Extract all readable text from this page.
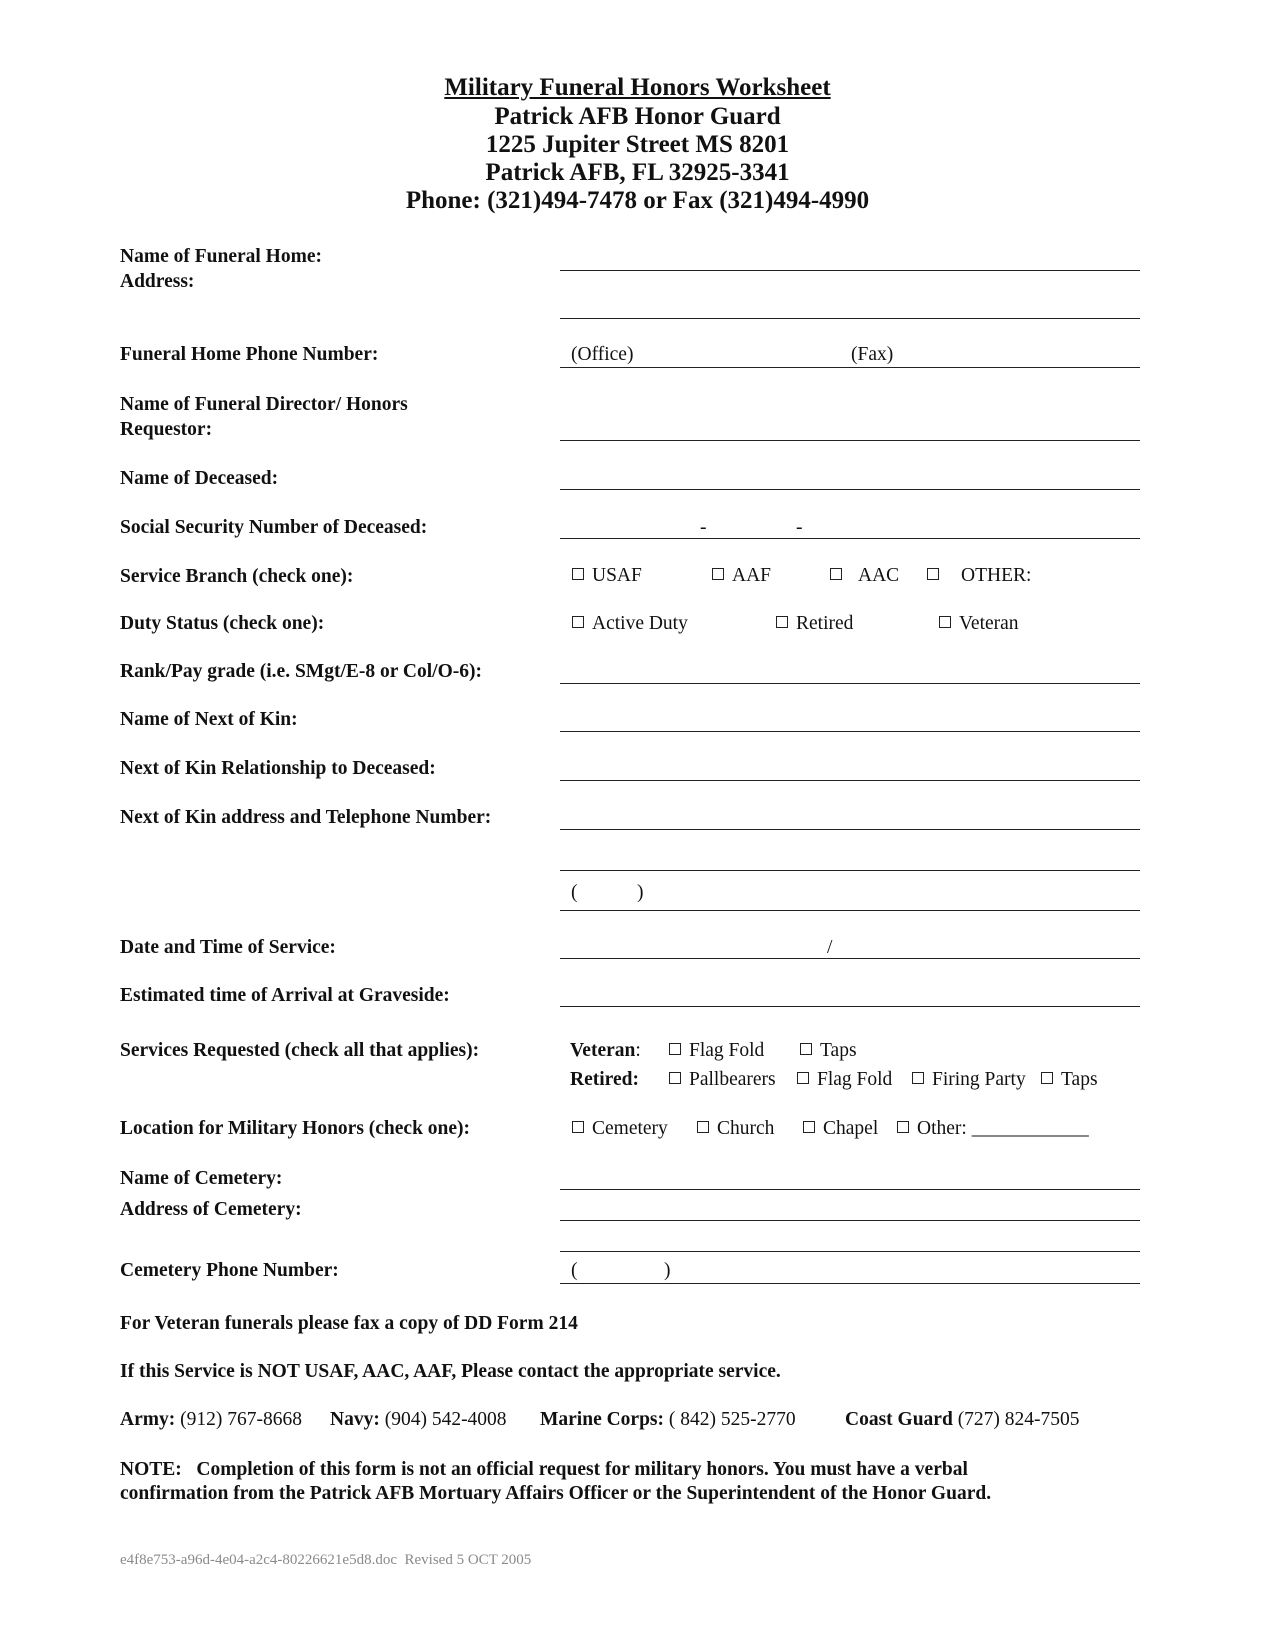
Military Funeral Honors Worksheet
Patrick AFB Honor Guard
1225 Jupiter Street MS 8201
Patrick AFB, FL 32925-3341
Phone: (321)494-7478 or Fax (321)494-4990
Name of Funeral Home:
Address:
Funeral Home Phone Number:	(Office)	(Fax)
Name of Funeral Director/ Honors
Requestor:
Name of Deceased:
Social Security Number of Deceased:	-	-
Service Branch (check one):	USAF	AAF	AAC	OTHER:
Duty Status (check one):	Active Duty	Retired	Veteran
Rank/Pay grade (i.e. SMgt/E-8 or Col/O-6):
Name of Next of Kin:
Next of Kin Relationship to Deceased:
Next of Kin address and Telephone Number:
(	)
Date and Time of Service:	/
Estimated time of Arrival at Graveside:
Services Requested (check all that applies):	Veteran:	Flag Fold	Taps
Retired:	Pallbearers	Flag Fold	Firing Party	Taps
Location for Military Honors (check one):	Cemetery	Church	Chapel	Other: ____________
Name of Cemetery:
Address of Cemetery:
Cemetery Phone Number:	(	)
For Veteran funerals please fax a copy of DD Form 214
If this Service is NOT USAF, AAC, AAF, Please contact the appropriate service.
Army: (912) 767-8668 Navy: (904) 542-4008 Marine Corps: ( 842) 525-2770	Coast Guard (727) 824-7505
NOTE:   Completion of this form is not an official request for military honors. You must have a verbal
confirmation from the Patrick AFB Mortuary Affairs Officer or the Superintendent of the Honor Guard.
e4f8e753-a96d-4e04-a2c4-80226621e5d8.doc  Revised 5 OCT 2005
